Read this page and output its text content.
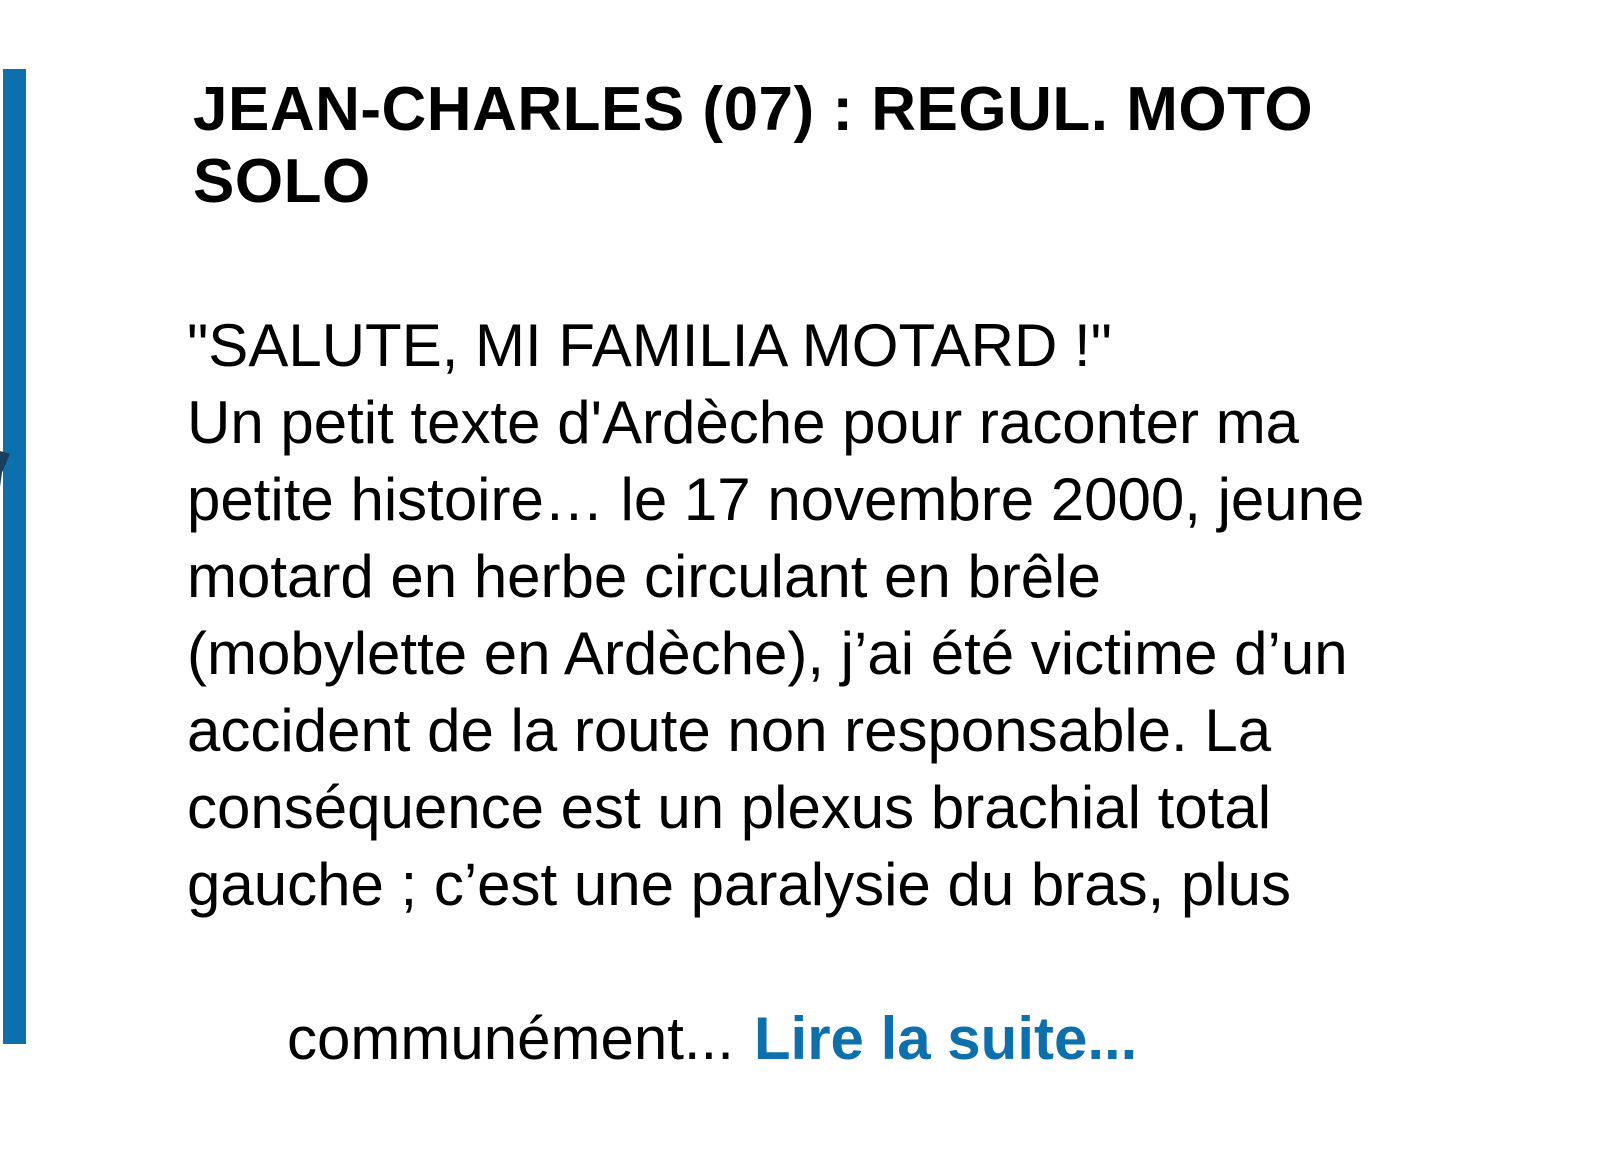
JEAN-CHARLES (07) : REGUL. MOTO
SOLO
"SALUTE, MI FAMILIA MOTARD !"
Un petit texte d'Ardèche pour raconter ma
petite histoire… le 17 novembre 2000, jeune
motard en herbe circulant en brêle
(mobylette en Ardèche), j’ai été victime d’un
accident de la route non responsable. La
conséquence est un plexus brachial total
gauche ; c’est une paralysie du bras, plus

communément... Lire la suite...
